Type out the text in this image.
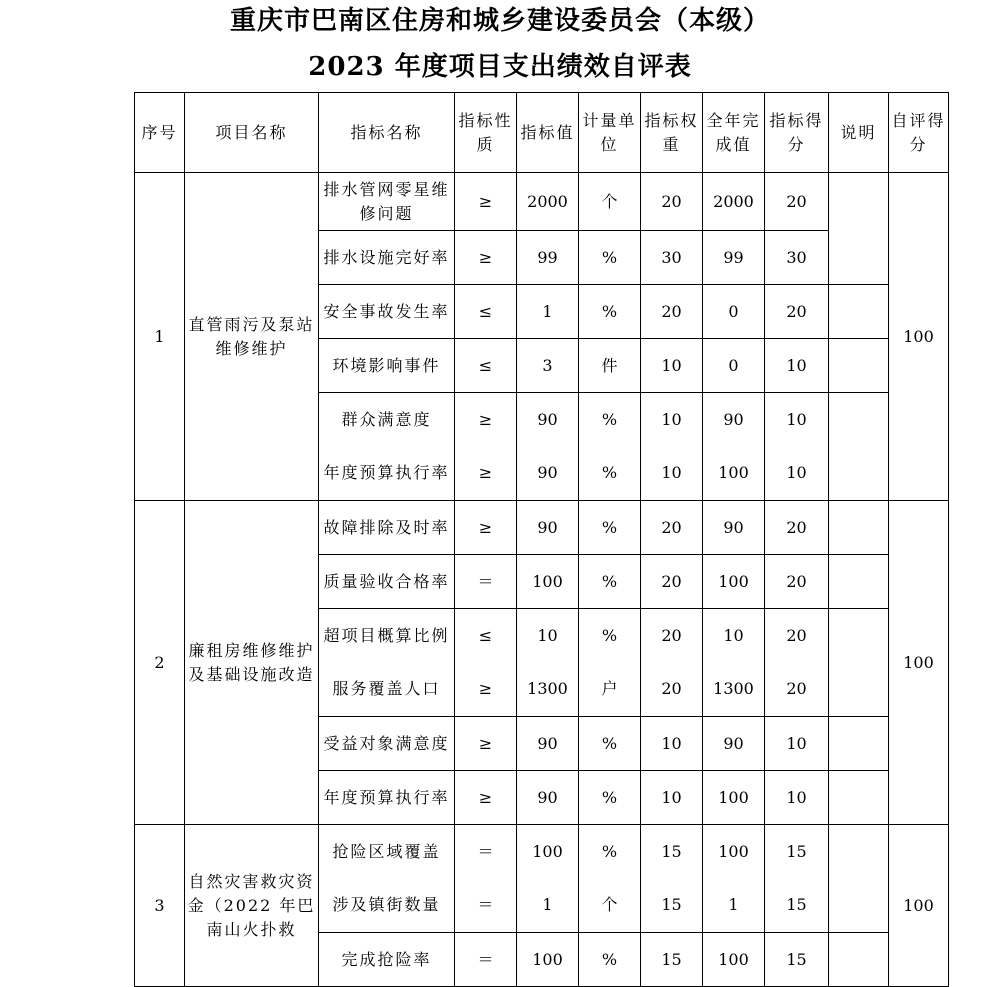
重庆市巴南区住房和城乡建设委员会（本级）
2023 年度项目支出绩效自评表
序号	项目名称	指标名称	指标性质	指标值	计量单位	指标权重	全年完成值	指标得分	说明	自评得分
1	直管雨污及泵站维修维护	排水管网零星维修问题	≥	2000	个	20	2000	20		100
		排水设施完好率	≥	99	%	30	99	30		
		安全事故发生率	≤	1	%	20	0	20		
		环境影响事件	≤	3	件	10	0	10		
		群众满意度	≥	90	%	10	90	10		
		年度预算执行率	≥	90	%	10	100	10		
2	廉租房维修维护及基础设施改造	故障排除及时率	≥	90	%	20	90	20		100
		质量验收合格率	＝	100	%	20	100	20		
		超项目概算比例	≤	10	%	20	10	20		
		服务覆盖人口	≥	1300	户	20	1300	20		
		受益对象满意度	≥	90	%	10	90	10		
		年度预算执行率	≥	90	%	10	100	10		
3	自然灾害救灾资金（2022 年巴南山火扑救	抢险区域覆盖	＝	100	%	15	100	15		100
		涉及镇街数量	＝	1	个	15	1	15		
		完成抢险率	＝	100	%	15	100	15		
